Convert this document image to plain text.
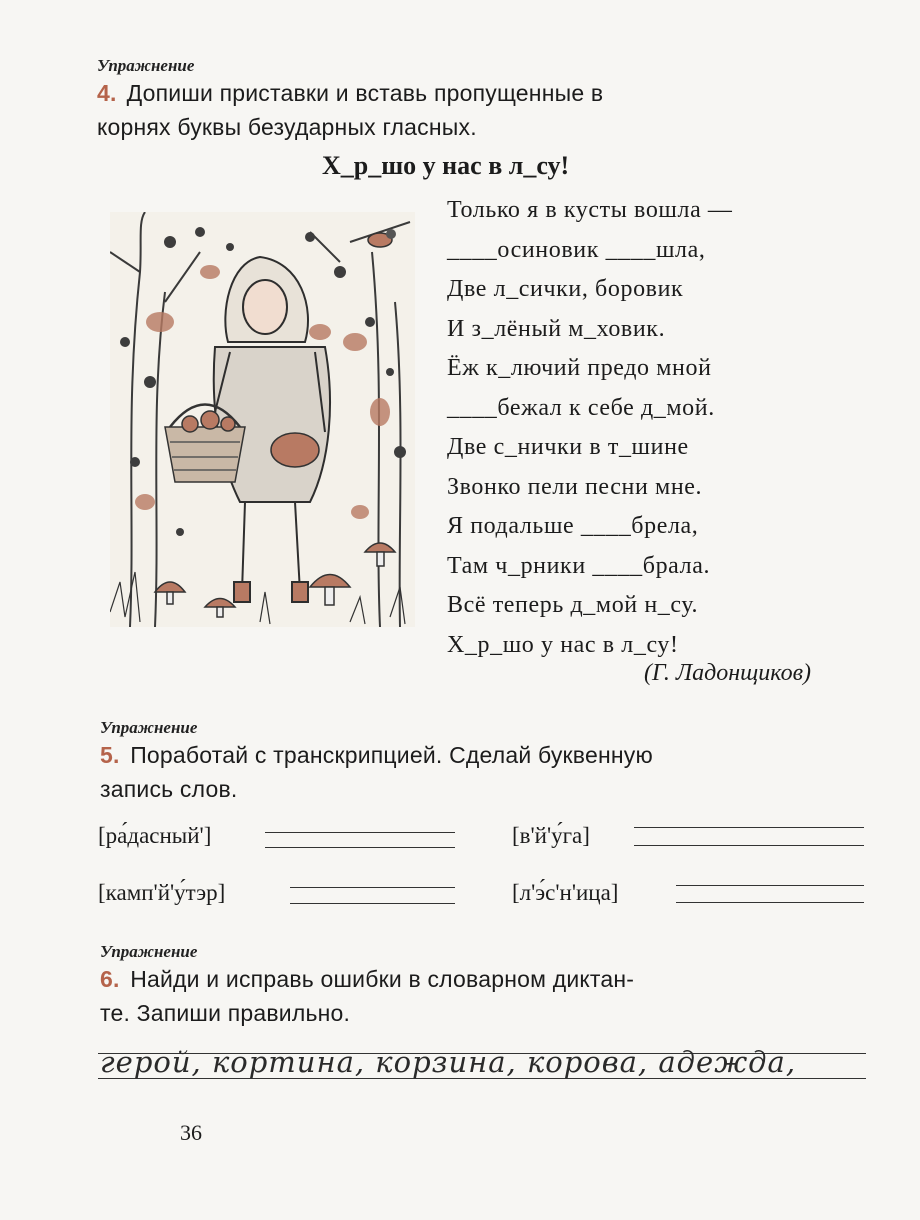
Упражнение
4. Допиши приставки и вставь пропущенные в
корнях буквы безударных гласных.
Х_р_шо у нас в л_су!
Только я в кусты вошла —
____осиновик ____шла,
Две л_сички, боровик
И з_лёный м_ховик.
Ёж к_лючий предо мной
____бежал к себе д_мой.
Две с_нички в т_шине
Звонко пели песни мне.
Я подальше ____брела,
Там ч_рники ____брала.
Всё теперь д_мой н_су.
Х_р_шо у нас в л_су!
(Г. Ладонщиков)
Упражнение
5. Поработай с транскрипцией. Сделай буквенную
запись слов.
[ра́дасный']	[в'й'у́га]
[камп'й'у́тэр]	[л'э́с'н'ица]
Упражнение
6. Найди и исправь ошибки в словарном диктан-
те. Запиши правильно.
герой, кортина, корзина, корова, адежда,
36
